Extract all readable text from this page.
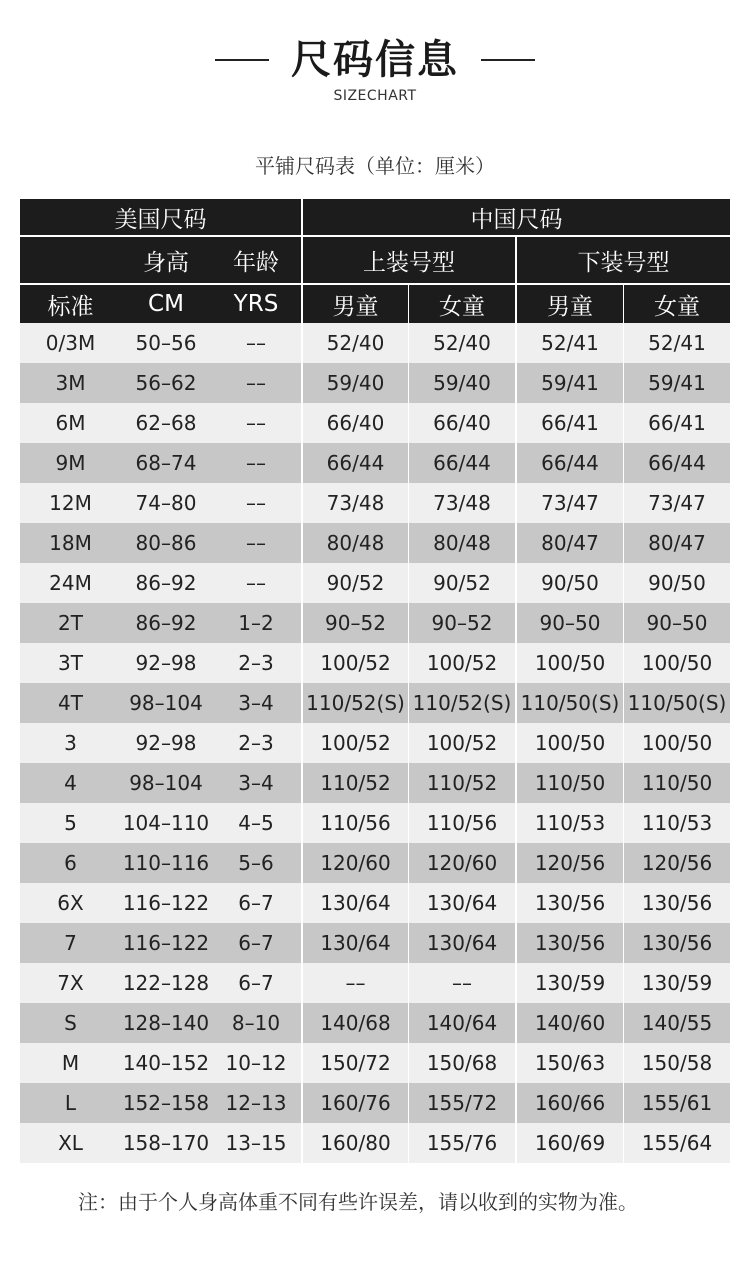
尺码信息
SIZECHART
平铺尺码表（单位：厘米）
美国尺码	中国尺码
身高	年龄	上装号型	下装号型
标准	CM	YRS	男童	女童	男童	女童
0/3M	50–56	––	52/40	52/40	52/41	52/41
3M	56–62	––	59/40	59/40	59/41	59/41
6M	62–68	––	66/40	66/40	66/41	66/41
9M	68–74	––	66/44	66/44	66/44	66/44
12M	74–80	––	73/48	73/48	73/47	73/47
18M	80–86	––	80/48	80/48	80/47	80/47
24M	86–92	––	90/52	90/52	90/50	90/50
2T	86–92	1–2	90–52	90–52	90–50	90–50
3T	92–98	2–3	100/52	100/52	100/50	100/50
4T	98–104	3–4	110/52(S) 110/52(S) 110/50(S) 110/50(S)
3	92–98	2–3	100/52	100/52	100/50	100/50
4	98–104	3–4	110/52	110/52	110/50	110/50
5	104–110	4–5	110/56	110/56	110/53	110/53
6	110–116	5–6	120/60	120/60	120/56	120/56
6X	116–122	6–7	130/64	130/64	130/56	130/56
7	116–122	6–7	130/64	130/64	130/56	130/56
7X	122–128	6–7	––	––	130/59	130/59
S	128–140	8–10	140/68	140/64	140/60	140/55
M	140–152 10–12	150/72	150/68	150/63	150/58
L	152–158 12–13	160/76	155/72	160/66	155/61
XL	158–170 13–15	160/80	155/76	160/69	155/64
注：由于个人身高体重不同有些许误差，请以收到的实物为准。
